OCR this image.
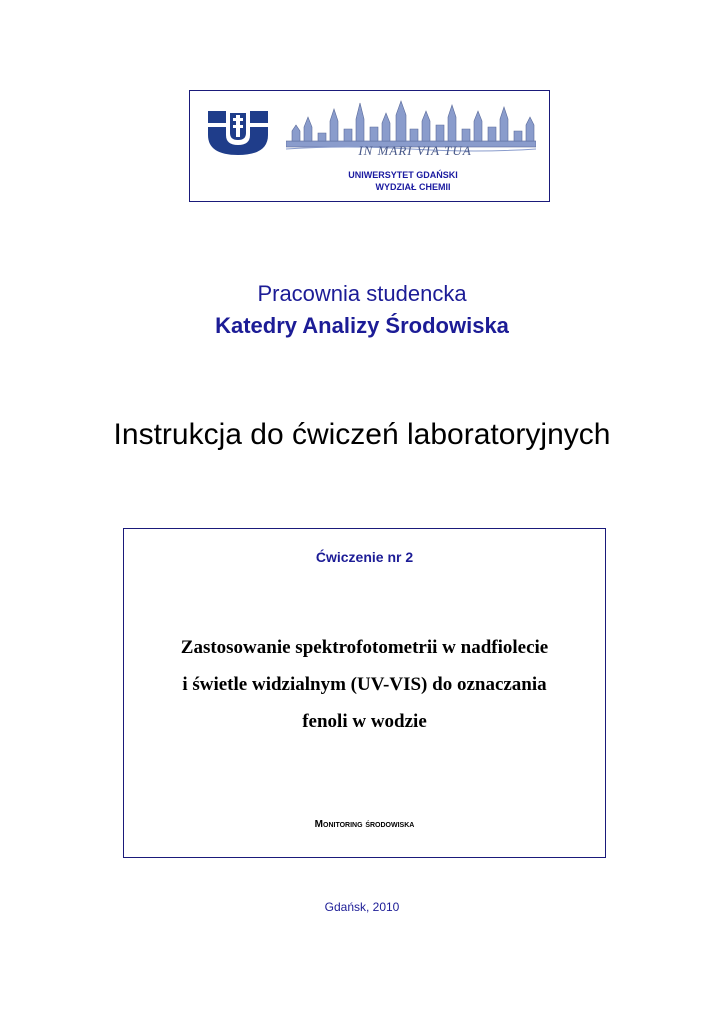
IN MARI VIA TUA
UNIWERSYTET GDAŃSKI
WYDZIAŁ CHEMII
Pracownia studencka
Katedry Analizy Środowiska
Instrukcja do ćwiczeń laboratoryjnych
Ćwiczenie nr 2
Zastosowanie spektrofotometrii w nadfiolecie
i świetle widzialnym (UV-VIS) do oznaczania
fenoli w wodzie
Monitoring środowiska
Gdańsk, 2010
